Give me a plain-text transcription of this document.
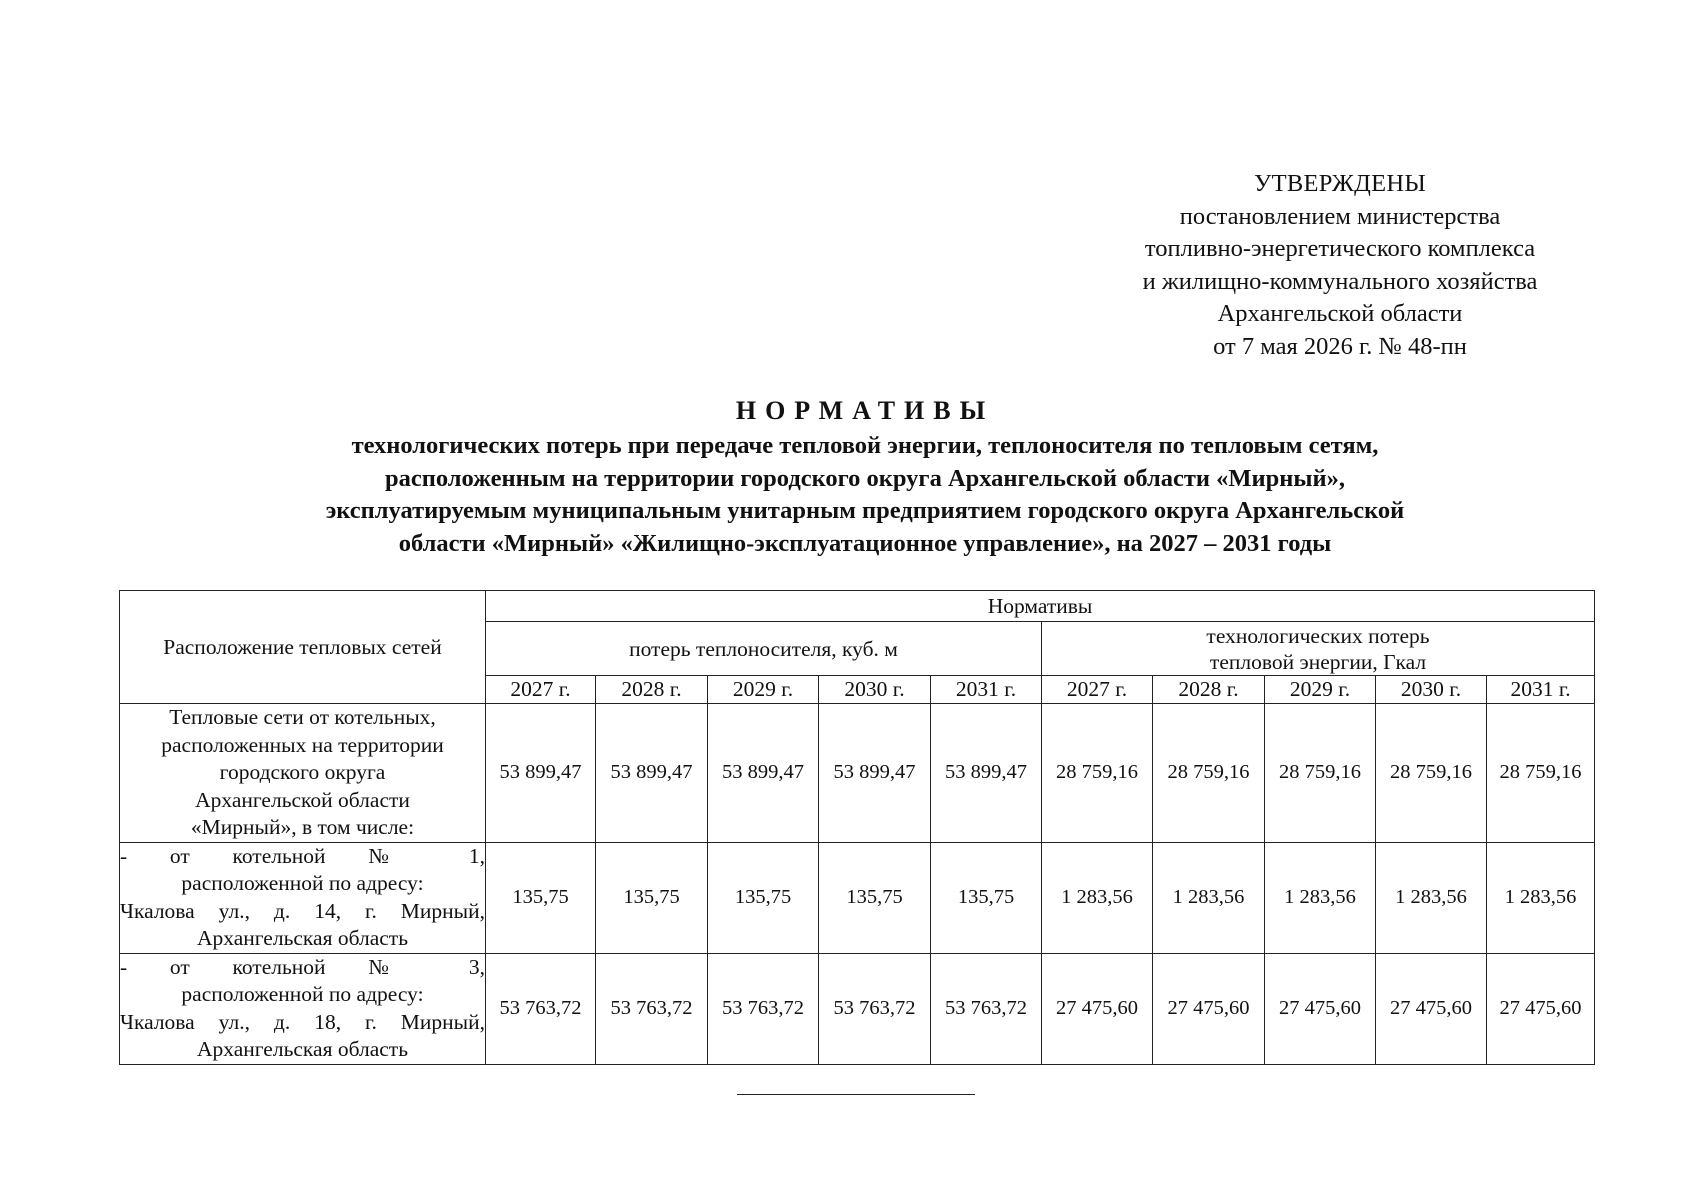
УТВЕРЖДЕНЫ
постановлением министерства
топливно-энергетического комплекса
и жилищно-коммунального хозяйства
Архангельской области
от 7 мая 2026 г. № 48-пн
НОРМАТИВЫ
технологических потерь при передаче тепловой энергии, теплоносителя по тепловым сетям,
расположенным на территории городского округа Архангельской области «Мирный»,
эксплуатируемым муниципальным унитарным предприятием городского округа Архангельской
области «Мирный» «Жилищно-эксплуатационное управление», на 2027 – 2031 годы
Расположение тепловых сетей	Нормативы									
	потерь теплоносителя, куб. м					технологических потерь
тепловой энергии, Гкал				

	2027 г.	2028 г.	2029 г.	2030 г.	2031 г.	2027 г.	2028 г.	2029 г.	2030 г.	2031 г.

Тепловые сети от котельных,
расположенных на территории
городского округа
Архангельской области
«Мирный», в том числе:	53 899,47	53 899,47	53 899,47	53 899,47	53 899,47	28 759,16	28 759,16	28 759,16	28 759,16	28 759,16

- от котельной № 1,
расположенной по адресу:
Чкалова ул., д. 14, г. Мирный,
Архангельская область	135,75	135,75	135,75	135,75	135,75	1 283,56	1 283,56	1 283,56	1 283,56	1 283,56

- от котельной № 3,
расположенной по адресу:
Чкалова ул., д. 18, г. Мирный,
Архангельская область	53 763,72	53 763,72	53 763,72	53 763,72	53 763,72	27 475,60	27 475,60	27 475,60	27 475,60	27 475,60
